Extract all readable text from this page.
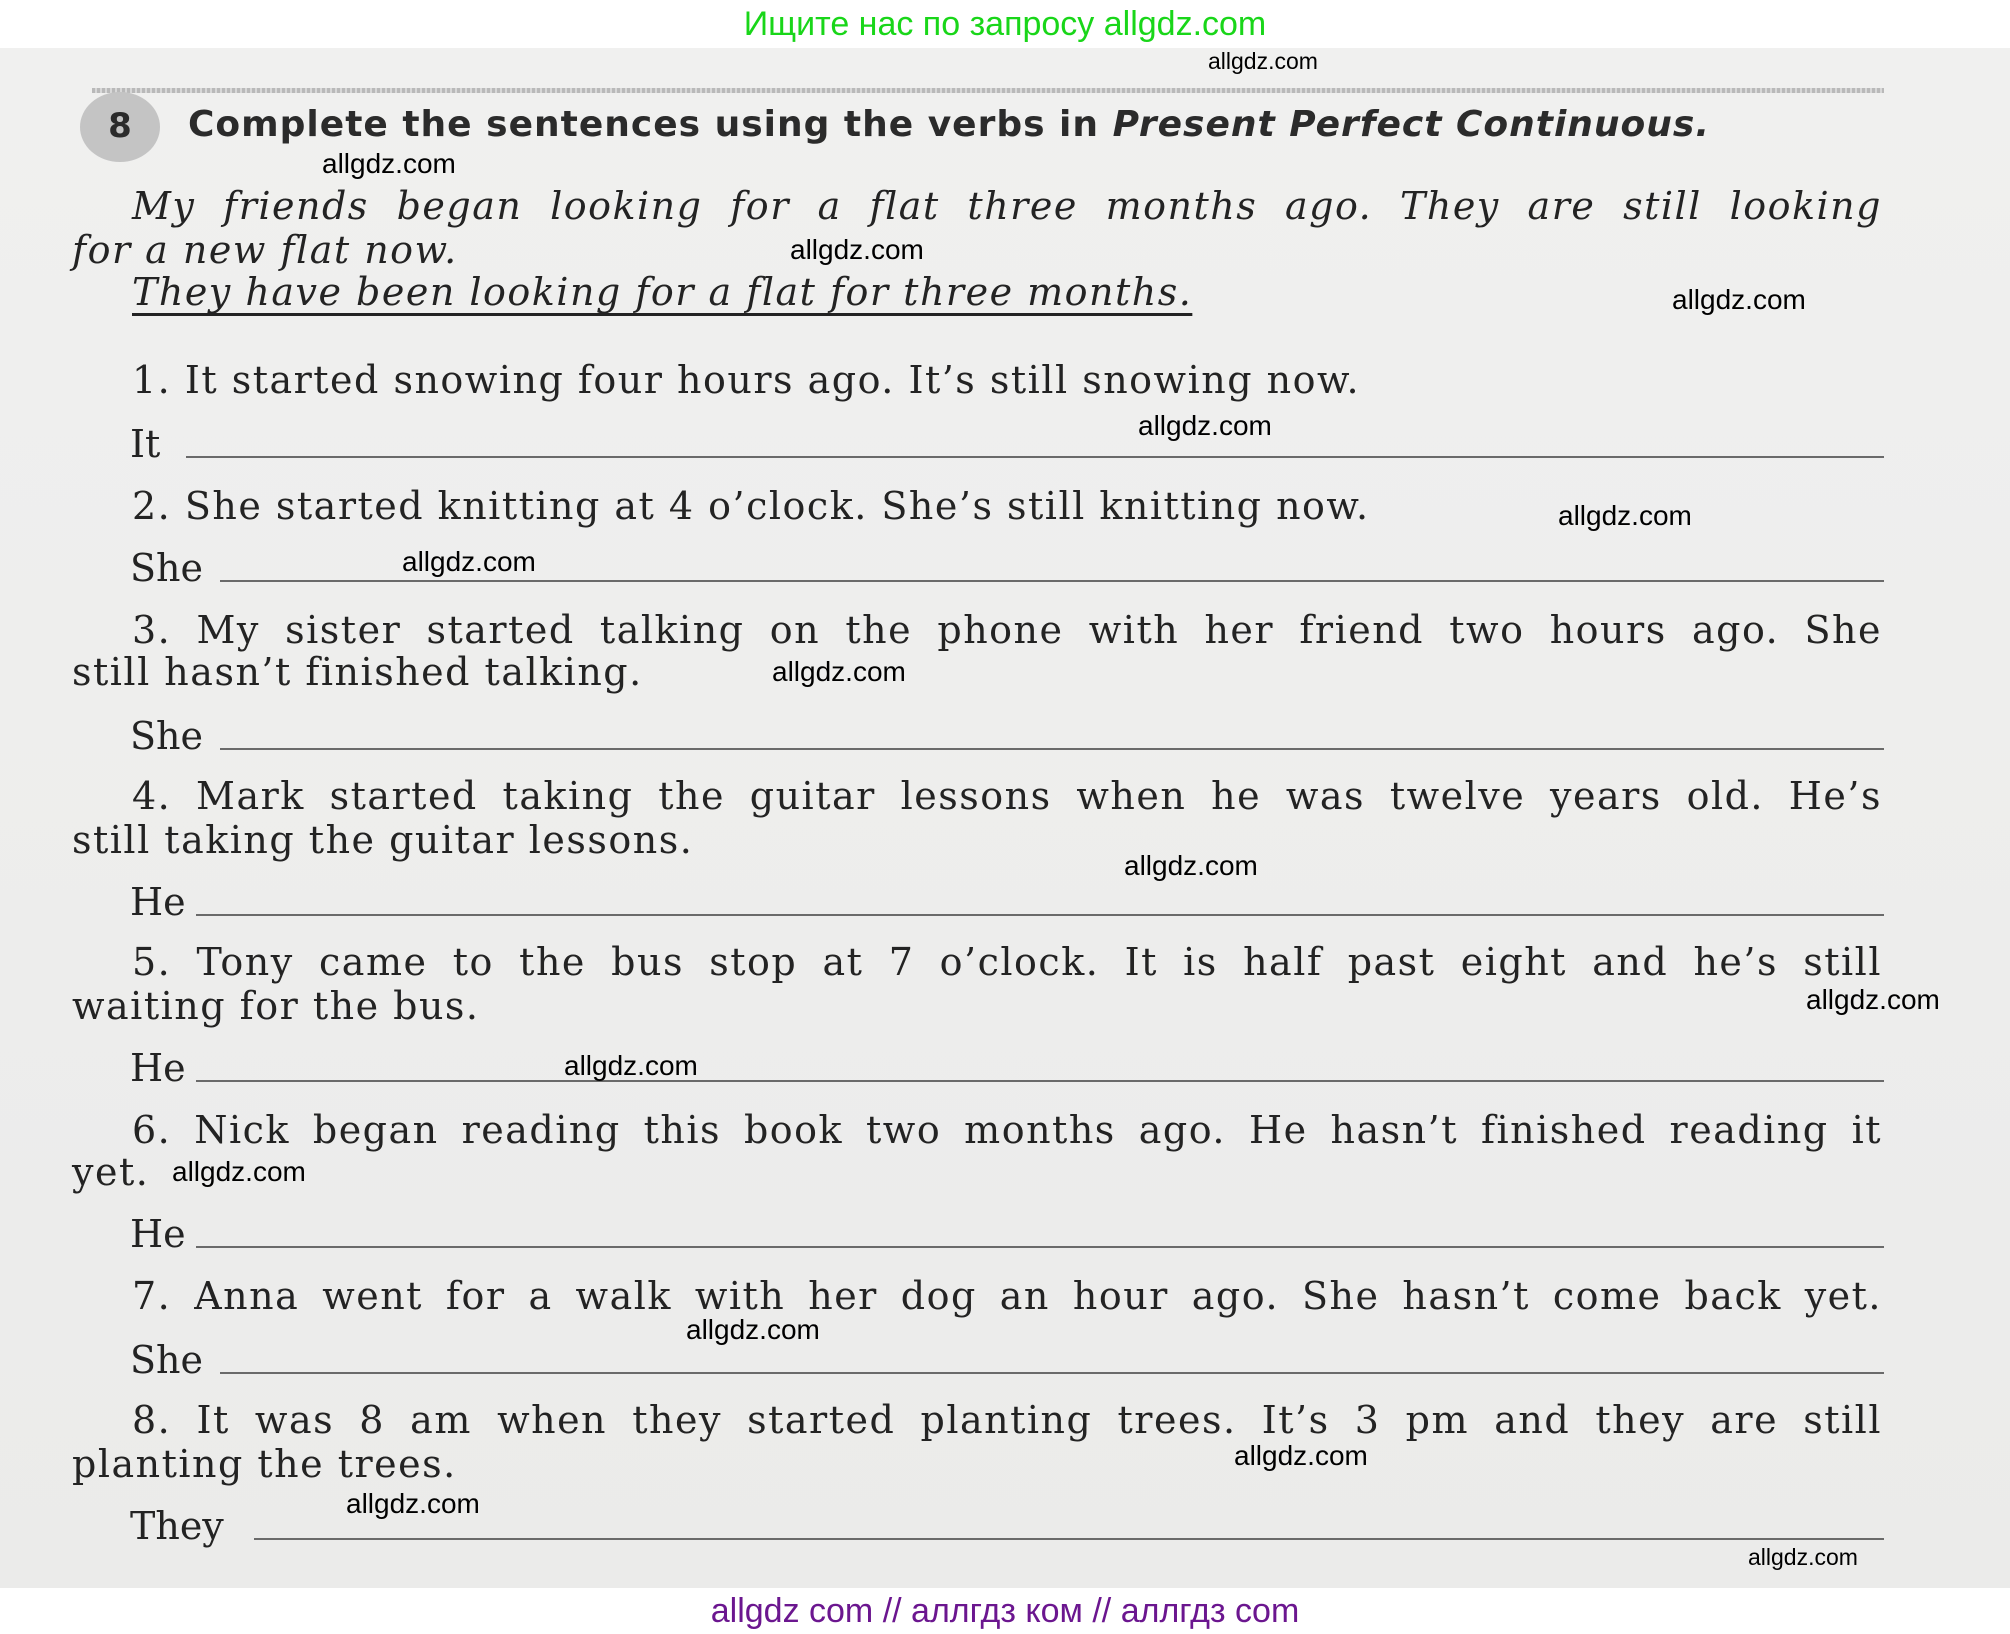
Ищите нас по запросу allgdz.com
8	Complete the sentences using the verbs in Present Perfect Continuous.
My friends began looking for a flat three months ago. They are still looking
for a new flat now.
They have been looking for a flat for three months.
1. It started snowing four hours ago. It’s still snowing now.
It
2. She started knitting at 4 o’clock. She’s still knitting now.
She
3. My sister started talking on the phone with her friend two hours ago. She
still hasn’t finished talking.
She
4. Mark started taking the guitar lessons when he was twelve years old. He’s
still taking the guitar lessons.
He
5. Tony came to the bus stop at 7 o’clock. It is half past eight and he’s still
waiting for the bus.
He
6. Nick began reading this book two months ago. He hasn’t finished reading it
yet.
He
7. Anna went for a walk with her dog an hour ago. She hasn’t come back yet.
She
8. It was 8 am when they started planting trees. It’s 3 pm and they are still
planting the trees.
They
allgdz.com
allgdz.com
allgdz.com
allgdz.com
allgdz.com
allgdz.com
allgdz.com
allgdz.com
allgdz.com
allgdz.com
allgdz.com
allgdz.com
allgdz.com
allgdz.com
allgdz.com
allgdz.com
allgdz com // аллгдз ком // аллгдз com
